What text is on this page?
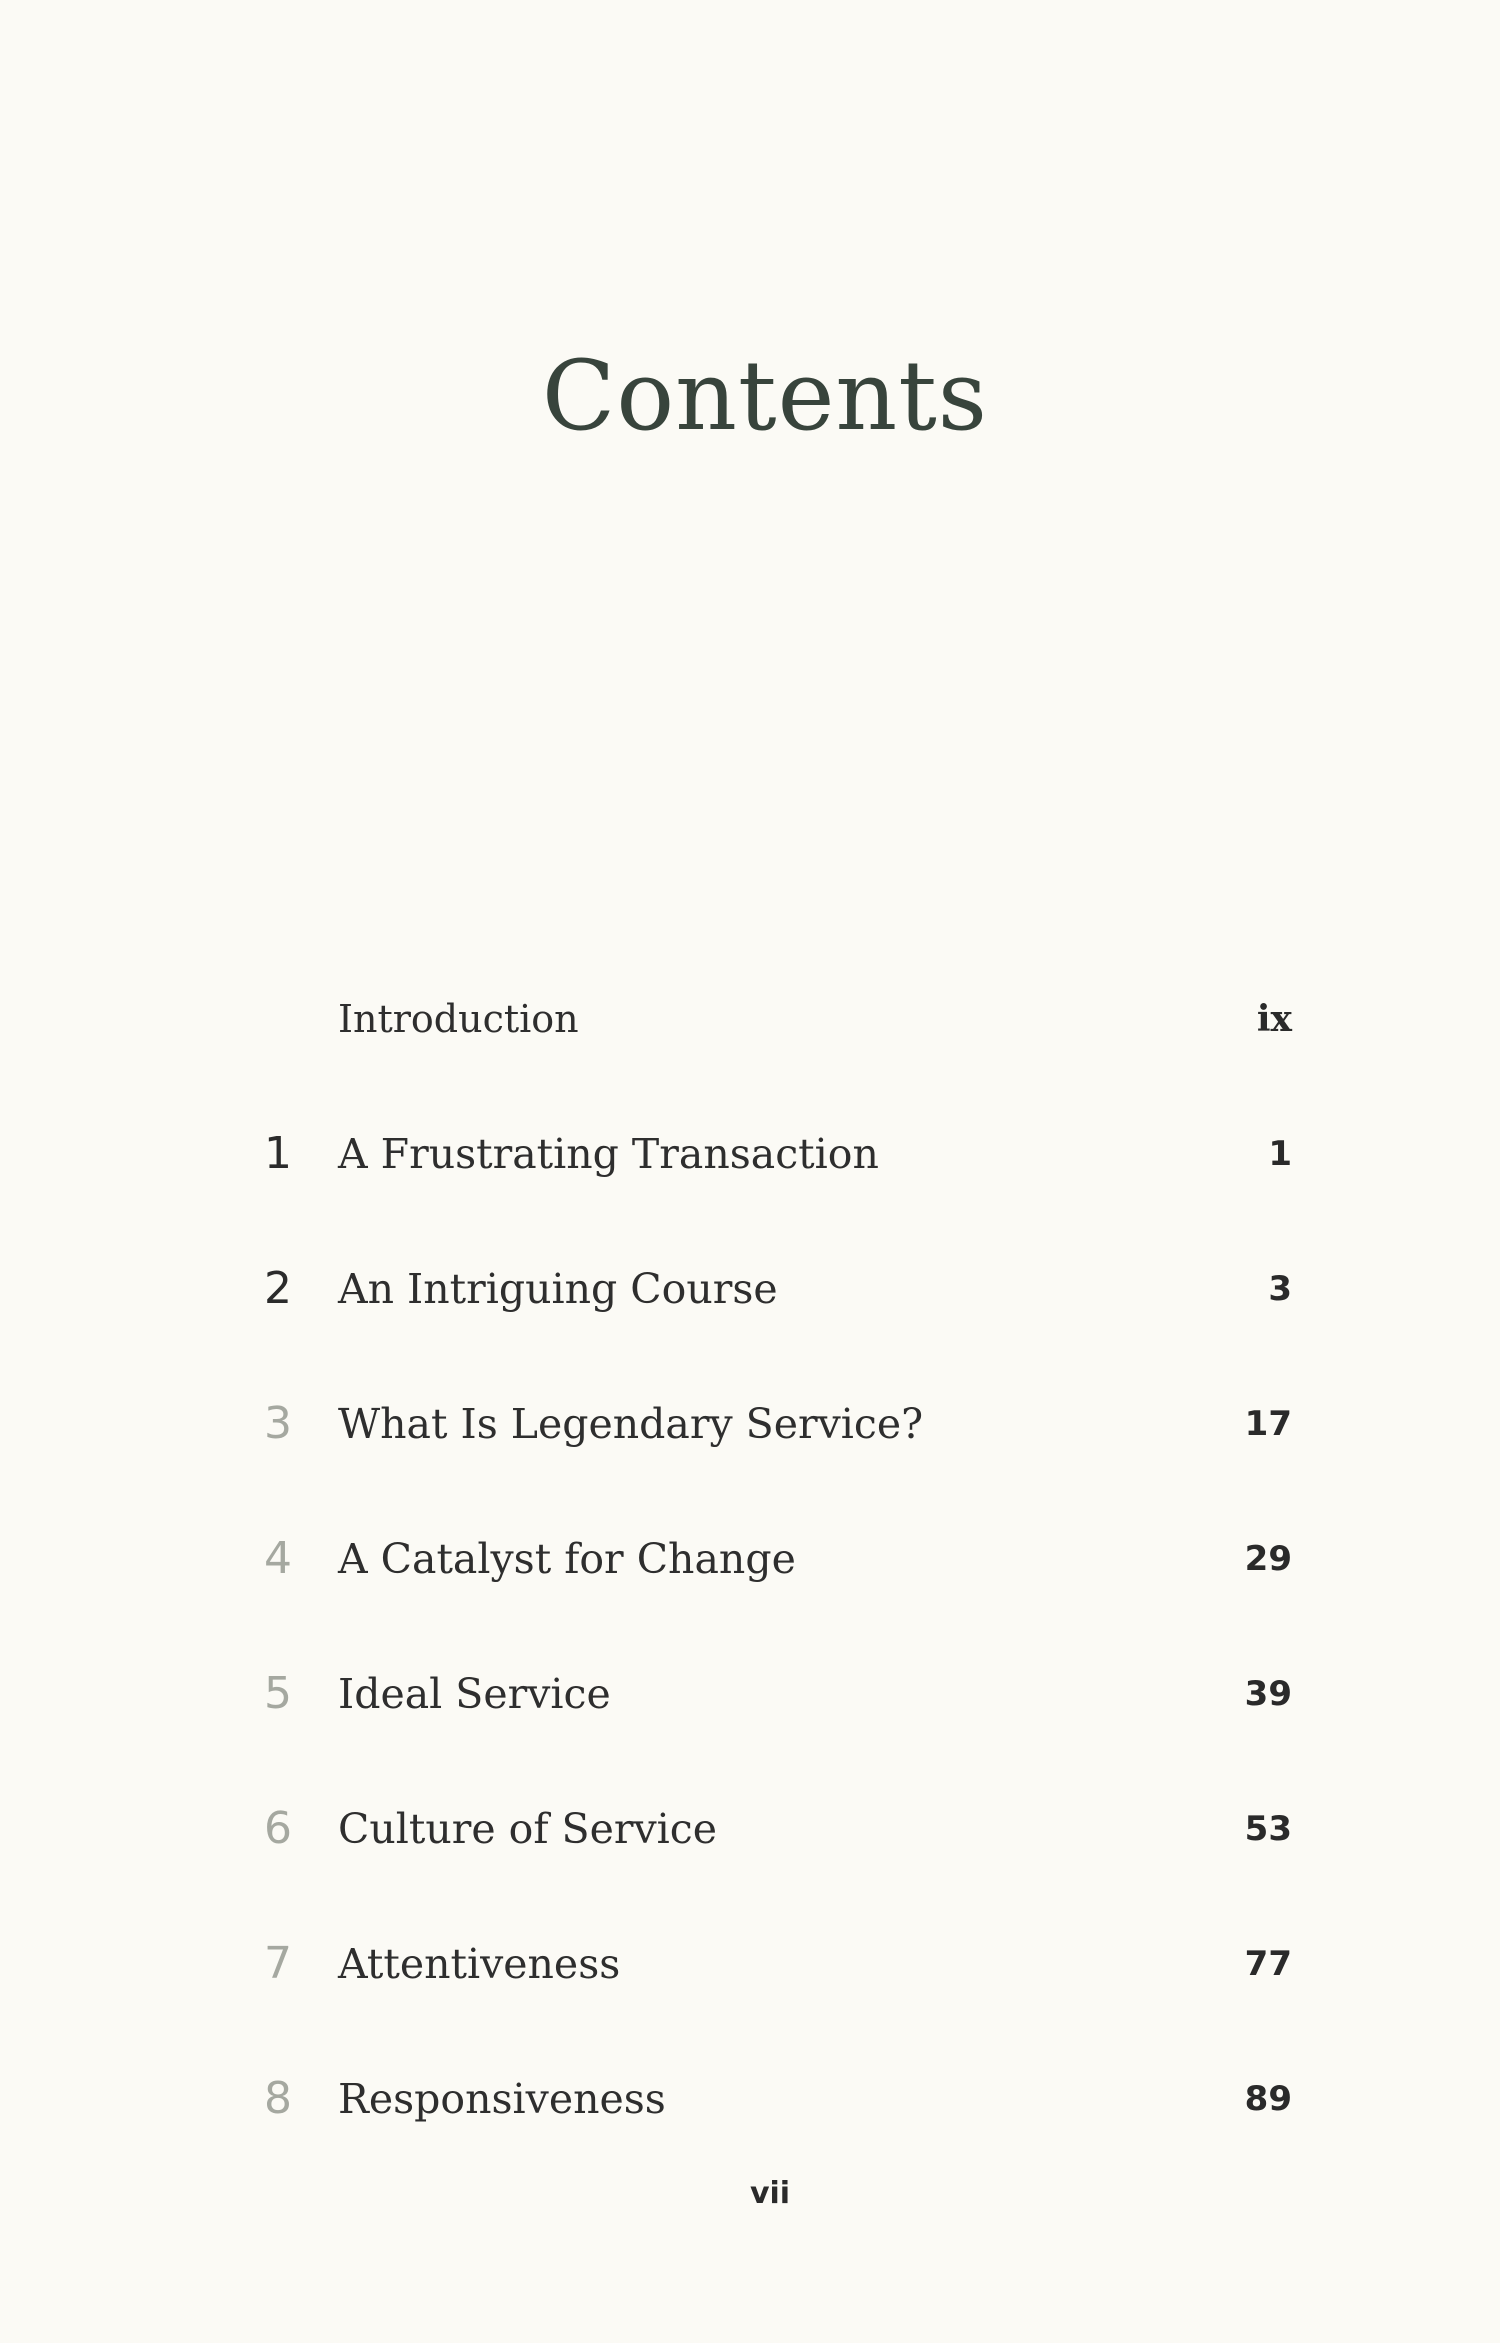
Contents
Introduction	ix
1 A Frustrating Transaction	1
2 An Intriguing Course	3
3 What Is Legendary Service?	17
4 A Catalyst for Change	29
5 Ideal Service	39
6 Culture of Service	53
7 Attentiveness	77
8 Responsiveness	89
vii
